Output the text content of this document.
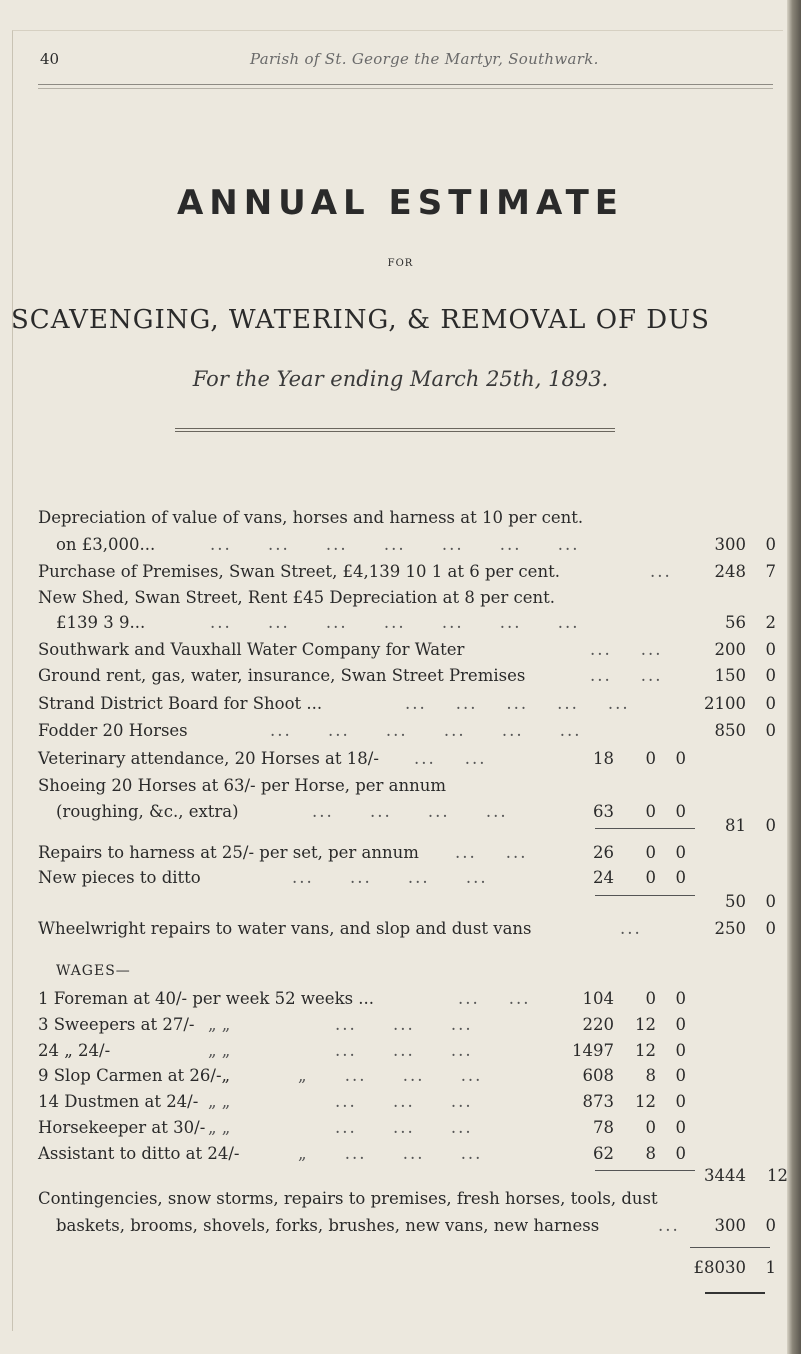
40	Parish of St. George the Martyr, Southwark.
ANNUAL ESTIMATE
FOR
SCAVENGING, WATERING, & REMOVAL OF DUS
For the Year ending March 25th, 1893.
Depreciation of value of vans, horses and harness at 10 per cent.
on £3,000...	...     ...     ...     ...     ...     ...     ...	300	0
Purchase of Premises, Swan Street, £4,139 10 1 at 6 per cent.	...	248	7
New Shed, Swan Street, Rent £45 Depreciation at 8 per cent.
£139 3 9...	...     ...     ...     ...     ...     ...     ...	56	2
Southwark and Vauxhall Water Company for Water	...    ...	200	0
Ground rent, gas, water, insurance, Swan Street Premises	...    ...	150	0
Strand District Board for Shoot ...	...    ...    ...    ...    ...	2100	0
Fodder 20 Horses	...     ...     ...     ...     ...     ...	850	0
Veterinary attendance, 20 Horses at 18/- ...    ...	18	0	0
Shoeing 20 Horses at 63/- per Horse, per annum
(roughing, &c., extra)	...     ...     ...     ...	63	0	0
81	0
Repairs to harness at 25/- per set, per annum ...    ...	26	0	0
New pieces to ditto	...     ...     ...     ...	24	0	0
50	0
Wheelwright repairs to water vans, and slop and dust vans	...	250	0
WAGES—
1 Foreman at 40/- per week 52 weeks ...	...    ...	104	0	0
3 Sweepers at 27/- „ „	...     ...     ...	220 12	0
24 „ 24/-	„ „	...     ...     ...	1497 12	0
9 Slop Carmen at 26/-„	„     ...     ...     ...	608	8	0
14 Dustmen at 24/- „ „	...     ...     ...	873 12	0
Horsekeeper at 30/- „ „	...     ...     ...	78	0	0
Assistant to ditto at 24/-	„     ...     ...     ...	62	8	0
3444 12
Contingencies, snow storms, repairs to premises, fresh horses, tools, dust
baskets, brooms, shovels, forks, brushes, new vans, new harness	...	300	0
£8030	1
